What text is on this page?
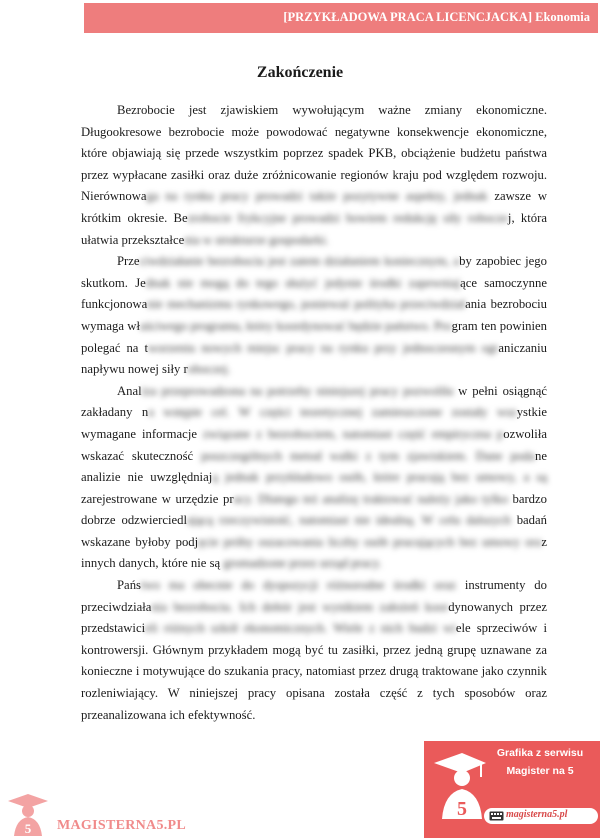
[PRZYKŁADOWA PRACA LICENCJACKA] Ekonomia
Zakończenie

Bezrobocie jest zjawiskiem wywołującym ważne zmiany ekonomiczne. Długookresowe bezrobocie może powodować negatywne konsekwencje ekonomiczne, które objawiają się przede wszystkim poprzez spadek PKB, obciążenie budżetu państwa przez wypłacane zasiłki oraz duże zróżnicowanie regionów kraju pod względem rozwoju. Nierównowaga na rynku pracy prowadzi także pozytywne aspekty, jednak zawsze w krótkim okresie. Bezrobocie frykcyjne prowadzi bowiem redukcję siły roboczej, która ułatwia przekształcenia w strukturze gospodarki.

Przeciwdziałanie bezrobociu jest zatem działaniem koniecznym, aby zapobiec jego skutkom. Jednak nie mogą do tego służyć jedynie środki zapewniające samoczynne funkcjonowanie mechanizmu rynkowego, ponieważ polityka przeciwdziałania bezrobociu wymaga właściwego programu, który koordynować będzie państwo. Program ten powinien polegać na tworzeniu nowych miejsc pracy na rynku przy jednoczesnym ograniczaniu napływu nowej siły roboczej.

Analiza przeprowadzona na potrzeby niniejszej pracy pozwoliła w pełni osiągnąć zakładany na wstępie cel. W części teoretycznej zamieszczone zostały wszystkie wymagane informacje związane z bezrobociem, natomiast część empiryczna pozwoliła wskazać skuteczność poszczególnych metod walki z tym zjawiskiem. Dane podane analizie nie uwzględniają jednak przykładowo osób, które pracują bez umowy, a są zarejestrowane w urzędzie pracy. Dlatego też analizę traktować należy jako tylko bardzo dobrze odzwierciedlającą rzeczywistość, natomiast nie idealną. W celu dalszych badań wskazane byłoby podjęcie próby oszacowania liczby osób pracujących bez umowy oraz innych danych, które nie są gromadzone przez urząd pracy.

Państwo ma obecnie do dyspozycji różnorodne środki oraz instrumenty do przeciwdziałania bezrobociu. Ich dobór jest wynikiem założeń koordynowanych przez przedstawicieli różnych szkół ekonomicznych. Wiele z nich budzi wiele sprzeciwów i kontrowersji. Głównym przykładem mogą być tu zasiłki, przez jedną grupę uznawane za konieczne i motywujące do szukania pracy, natomiast przez drugą traktowane jako czynnik rozleniwiający. W niniejszej pracy opisana została część z tych sposobów oraz przeanalizowana ich efektywność.

5
Grafika z serwisu
Magister na 5
magisterna5.pl
5 MAGISTERNA5.PL
